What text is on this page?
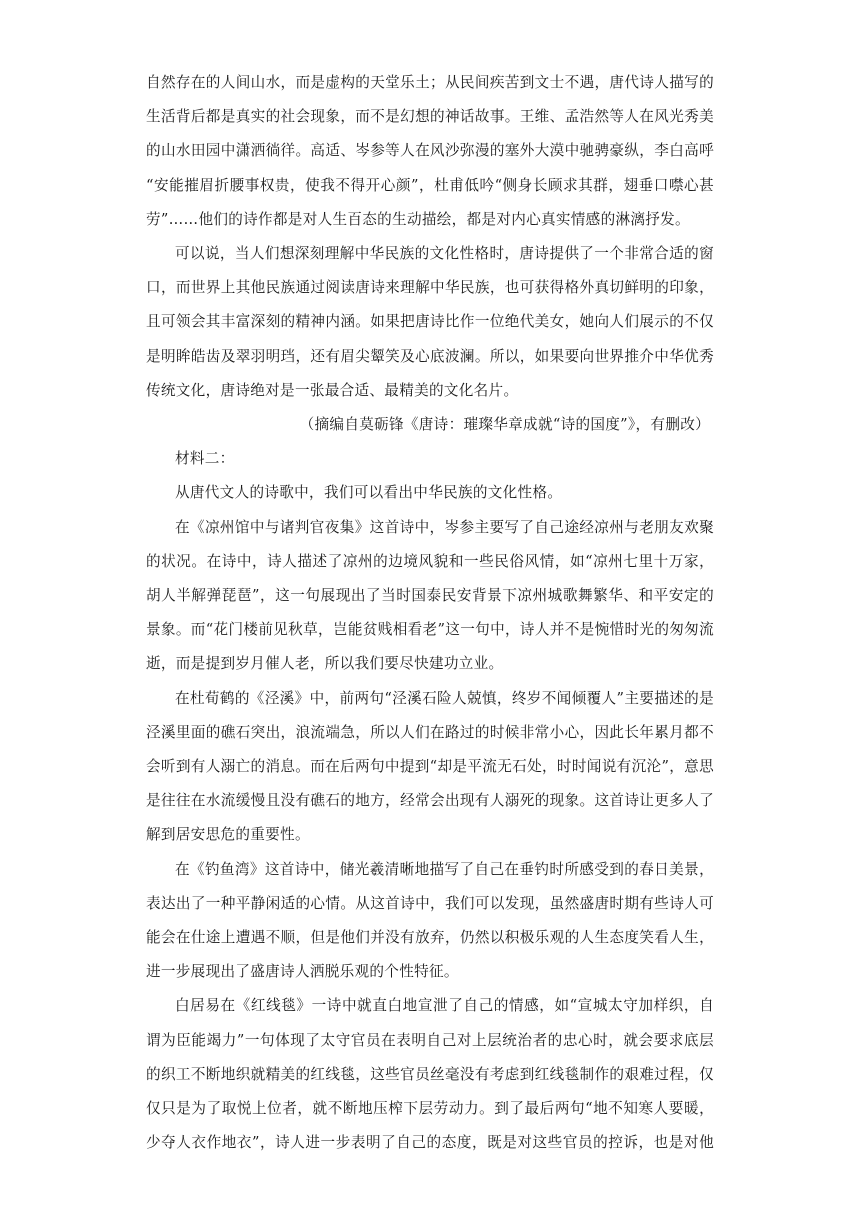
自然存在的人间山水，而是虚构的天堂乐土；从民间疾苦到文士不遇，唐代诗人描写的
生活背后都是真实的社会现象，而不是幻想的神话故事。王维、孟浩然等人在风光秀美
的山水田园中潇洒徜徉。高适、岑参等人在风沙弥漫的塞外大漠中驰骋豪纵，李白高呼
“安能摧眉折腰事权贵，使我不得开心颜”，杜甫低吟“侧身长顾求其群，翅垂口噤心甚
劳”……他们的诗作都是对人生百态的生动描绘，都是对内心真实情感的淋漓抒发。
可以说，当人们想深刻理解中华民族的文化性格时，唐诗提供了一个非常合适的窗
口，而世界上其他民族通过阅读唐诗来理解中华民族，也可获得格外真切鲜明的印象，
且可领会其丰富深刻的精神内涵。如果把唐诗比作一位绝代美女，她向人们展示的不仅
是明眸皓齿及翠羽明珰，还有眉尖颦笑及心底波澜。所以，如果要向世界推介中华优秀
传统文化，唐诗绝对是一张最合适、最精美的文化名片。
（摘编自莫砺锋《唐诗：璀璨华章成就“诗的国度”》，有删改）
材料二：
从唐代文人的诗歌中，我们可以看出中华民族的文化性格。
在《凉州馆中与诸判官夜集》这首诗中，岑参主要写了自己途经凉州与老朋友欢聚
的状况。在诗中，诗人描述了凉州的边境风貌和一些民俗风情，如“凉州七里十万家，
胡人半解弹琵琶”，这一句展现出了当时国泰民安背景下凉州城歌舞繁华、和平安定的
景象。而“花门楼前见秋草，岂能贫贱相看老”这一句中，诗人并不是惋惜时光的匆匆流
逝，而是提到岁月催人老，所以我们要尽快建功立业。
在杜荀鹤的《泾溪》中，前两句“泾溪石险人兢慎，终岁不闻倾覆人”主要描述的是
泾溪里面的礁石突出，浪流端急，所以人们在路过的时候非常小心，因此长年累月都不
会听到有人溺亡的消息。而在后两句中提到“却是平流无石处，时时闻说有沉沦”，意思
是往往在水流缓慢且没有礁石的地方，经常会出现有人溺死的现象。这首诗让更多人了
解到居安思危的重要性。
在《钓鱼湾》这首诗中，储光羲清晰地描写了自己在垂钓时所感受到的春日美景，
表达出了一种平静闲适的心情。从这首诗中，我们可以发现，虽然盛唐时期有些诗人可
能会在仕途上遭遇不顺，但是他们并没有放弃，仍然以积极乐观的人生态度笑看人生，
进一步展现出了盛唐诗人洒脱乐观的个性特征。
白居易在《红线毯》一诗中就直白地宣泄了自己的情感，如“宣城太守加样织，自
谓为臣能竭力”一句体现了太守官员在表明自己对上层统治者的忠心时，就会要求底层
的织工不断地织就精美的红线毯，这些官员丝毫没有考虑到红线毯制作的艰难过程，仅
仅只是为了取悦上位者，就不断地压榨下层劳动力。到了最后两句“地不知寒人要暖，
少夺人衣作地衣”，诗人进一步表明了自己的态度，既是对这些官员的控诉，也是对他
